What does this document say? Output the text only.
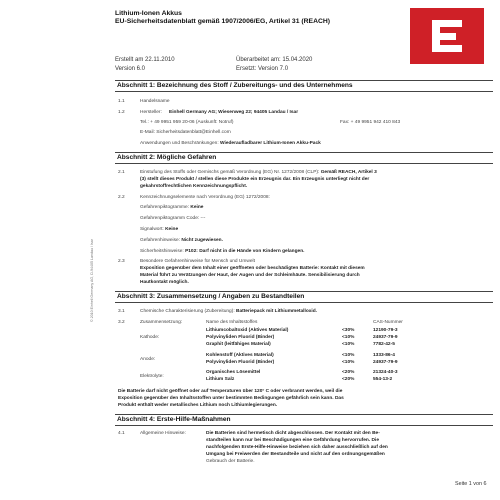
Lithium-Ionen Akkus
EU-Sicherheitsdatenblatt gemäß 1907/2006/EG, Artikel 31 (REACH)
Erstellt am 22.11.2010	Überarbeitet am: 15.04.2020
Version 6.0	Ersetzt: Version 7.0
© 2010 Einhell Germany AG, D-94405 Landau / Isar
Abschnitt 1: Bezeichnung des Stoff / Zubereitungs- und des Unternehmens
1.1	Handelsname
1.2	Hersteller: Einhell Germany AG; Wiesenweg 22; 94405 Landau / Isar
Tel.: + 49 9951 959 20-06 (Auskunft: Notruf)	Fax: + 49 9951 942 410 843
E-Mail: Sicherheitsdatenblatt@Einhell.com
Anwendungen und Beschränkungen: Wiederaufladbarer Lithium-Ionen Akku-Pack
Abschnitt 2: Mögliche Gefahren
2.1	Einstufung des Stoffs oder Gemischs gemäß Verordnung (EG) Nr. 1272/2008 (CLP): Gemäß REACH, Artikel 3
(3) stellt dieses Produkt / stellen diese Produkte ein Erzeugnis dar. Ein Erzeugnis unterliegt nicht der
gekahrstoffrechtlichen Kennzeichnungspflicht.
2.2	Kennzeichnungselemente nach Verordnung (EG) 1272/2008:
Gefahrenpiktogramme: Keine
Gefahrenpiktogramm Code: ---
Signalwort: Keine
Gefahrenhinweise: Nicht zugewiesen.
Sicherheitshinweise: P102: Darf nicht in die Hände von Kindern gelangen.
2.3	Besondere Gefahrenhinweise für Mensch und Umwelt
Exposition gegenüber dem Inhalt einer geöffneten oder beschädigten Batterie: Kontakt mit diesem
Material führt zu Verätzungen der Haut, der Augen und der Schleimhäute. Sensibilisierung durch
Hautkontakt möglich.
Abschnitt 3: Zusammensetzung / Angaben zu Bestandteilen
3.1	Chemische Charakterisierung (Zubereitung): Batteriepack mit Lithiummetalloxid.
3.2	Zusammensetzung:	Name des Inhaltsstoffes	CAS-Nummer
Kathode:
Lithiumcobaltoxid (Aktives Material)	<30%	12190-79-3
Polyvinyliden Fluorid (Binder)	<10%	24937-79-9
Graphit (leitfähiges Material)	<10%	7782-42-5
Anode:
Kohlenstoff (Aktives Material)	<10%	1333-86-4
Polyvinyliden Fluorid (Binder)	<10%	24937-79-9
Elektrolyte:
Organisches Lösemittel	<20%	21324-40-3
Lithium Salz	<20%	554-13-2
Die Batterie darf nicht geöffnet oder auf Temperaturen über 120° C oder verbrannt werden, weil die
Exposition gegenüber den Inhaltsstoffen unter bestimmten Bedingungen gefährlich sein kann. Das
Produkt enthält weder metallisches Lithium noch Lithiumlegierungen.
Abschnitt 4: Erste-Hilfe-Maßnahmen
4.1	Allgemeine Hinweise:	Die Batterien sind hermetisch dicht abgeschlossen. Der Kontakt mit den Be-
standteilen kann nur bei Beschädigungen eine Gefährdung hervorrufen. Die
nachfolgenden Erste-Hilfe-Hinweise beziehen sich daher ausschließlich auf den
Umgang bei Freiwerden der Bestandteile und nicht auf den ordnungsgemäßen
Gebrauch der Batterie.
Seite 1 von 6
